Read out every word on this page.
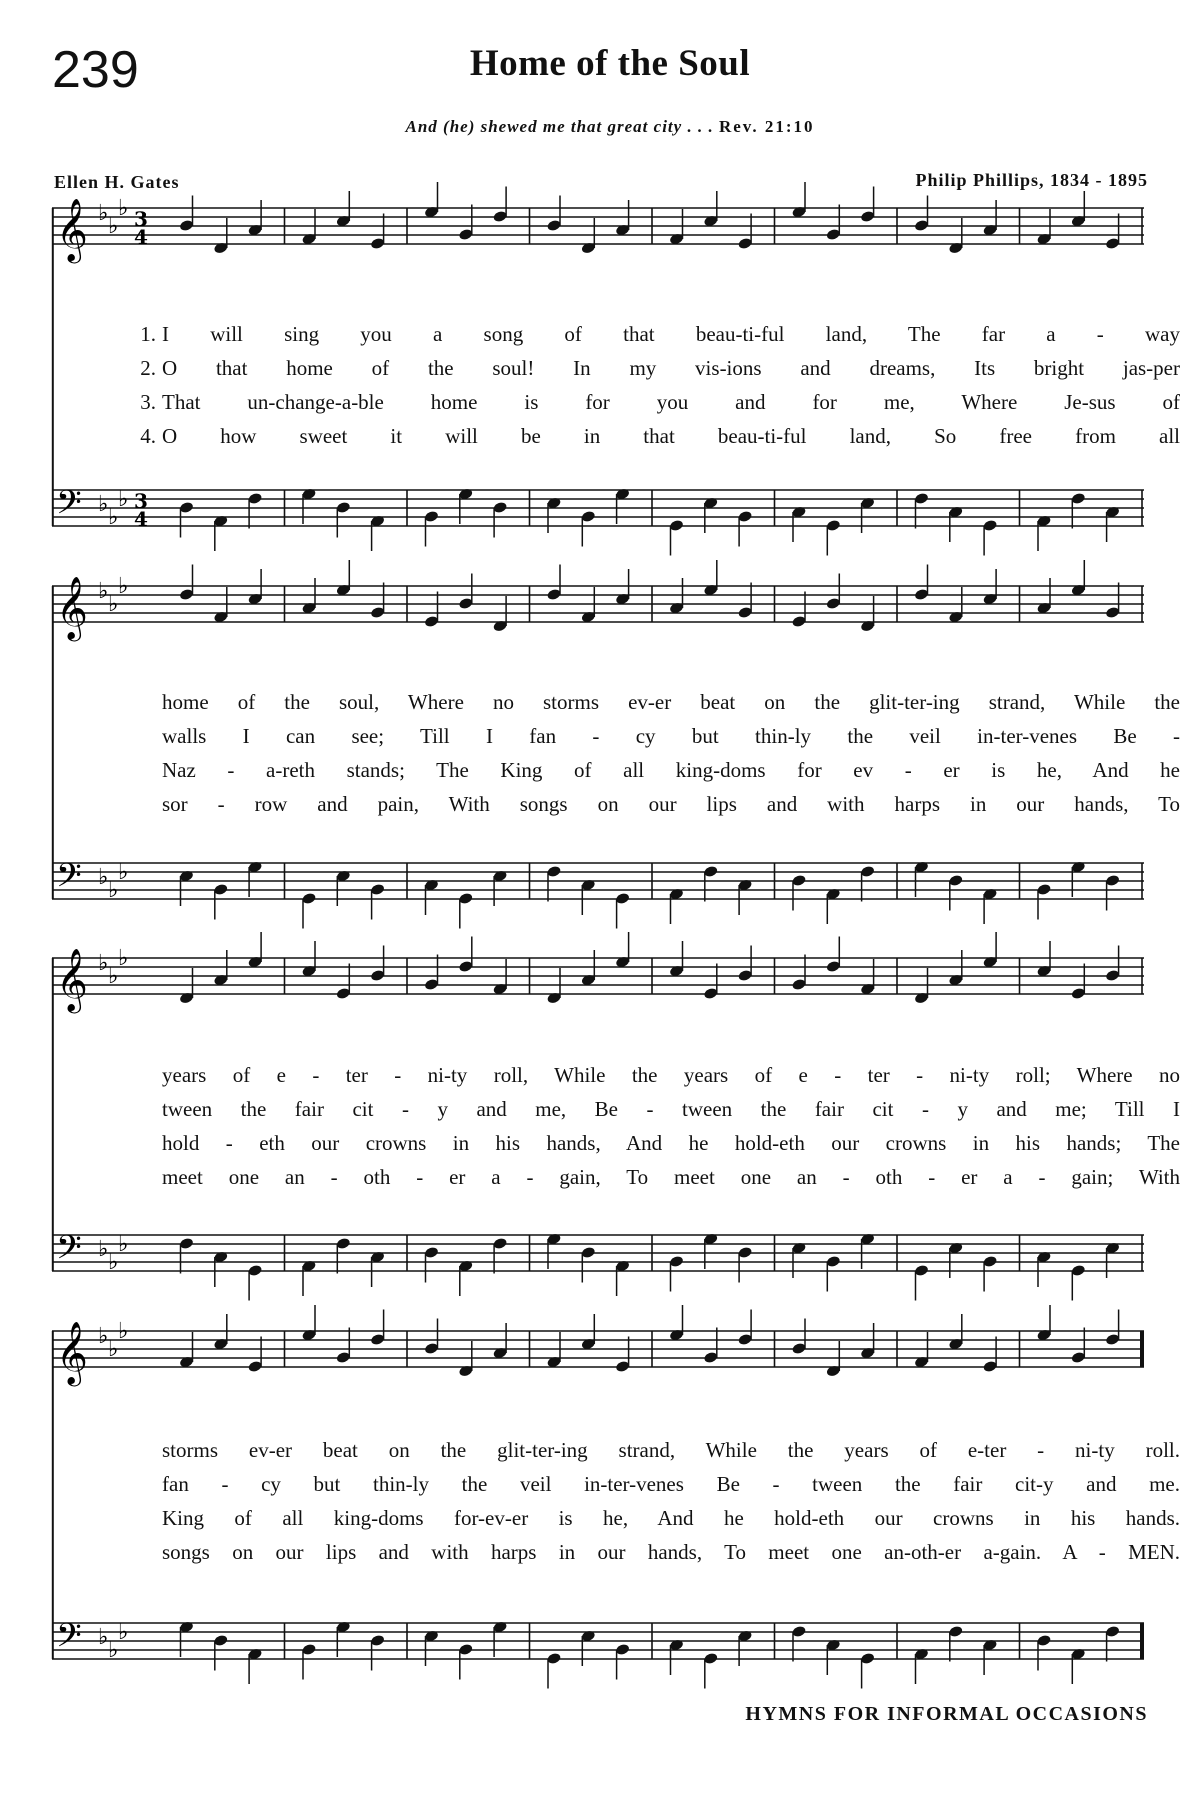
239	Home of the Soul
And (he) shewed me that great city . . . Rev. 21:10
Ellen H. Gates	Philip Phillips, 1834 - 1895
𝄞
𝄢
♭
♭
♭
♭
♭
♭
3
4
3
4
1. I will sing you a song of that beau-ti-ful land, The far a - way
2. O that home of the soul! In my vis-ions and dreams, Its bright jas-per
3. That un-change-a-ble home is for you and for me, Where Je-sus of
4. O how sweet it will be in that beau-ti-ful land, So free from all
𝄞
𝄢
♭
♭
♭
♭
♭
♭
home of the soul, Where no storms ev-er beat on the glit-ter-ing strand, While the
walls I can see; Till I fan - cy but thin-ly the veil in-ter-venes Be -
Naz - a-reth stands; The King of all king-doms for ev - er is he, And he
sor - row and pain, With songs on our lips and with harps in our hands, To
𝄞
𝄢
♭
♭
♭
♭
♭
♭
years of e - ter - ni-ty roll, While the years of e - ter - ni-ty roll; Where no
tween the fair cit - y and me, Be - tween the fair cit - y and me; Till I
hold - eth our crowns in his hands, And he hold-eth our crowns in his hands; The
meet one an - oth - er a - gain, To meet one an - oth - er a - gain; With
𝄞
𝄢
♭
♭
♭
♭
♭
♭
storms ev-er beat on the glit-ter-ing strand, While the years of e-ter - ni-ty roll.
fan - cy but thin-ly the veil in-ter-venes Be - tween the fair cit-y and me.
King of all king-doms for-ev-er is he, And he hold-eth our crowns in his hands.
songs on our lips and with harps in our hands, To meet one an-oth-er a-gain. A - MEN.
HYMNS FOR INFORMAL OCCASIONS
